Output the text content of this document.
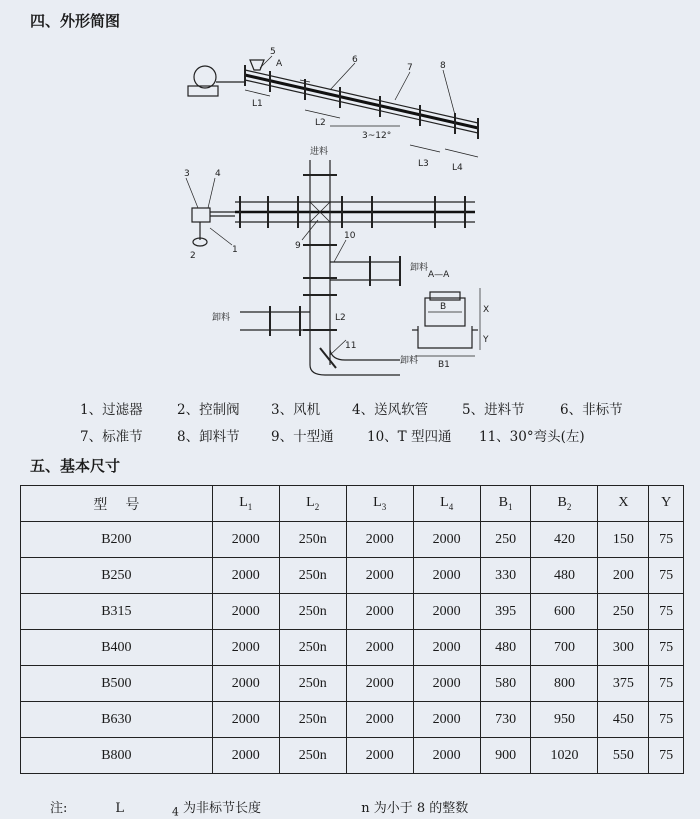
四、外形简图
5
6
7	8
L1
L2
L3	L4
A
3~12°
3	4
1
2
9
10
11
进料
卸料
卸料
卸料
L2
A—A
B
B1
X
Y
1、过滤器	2、控制阀 3、风机 4、送风软管	5、进料节	6、非标节
7、标准节	8、卸料节 9、十型通 10、T 型四通 11、30°弯头(左)
五、基本尺寸
型号	$L_1$	$L_2$	$L_3$	$L_4$	$B_1$	$B_2$	X	Y
B200	2000	250n	2000	2000	250	420	150	75
B250	2000	250n	2000	2000	330	480	200	75
B315	2000	250n	2000	2000	395	600	250	75
B400	2000	250n	2000	2000	480	700	300	75
B500	2000	250n	2000	2000	580	800	375	75
B630	2000	250n	2000	2000	730	950	450	75
B800	2000	250n	2000	2000	900	1020	550	75
注:	L	$_4$ 为非标节长度	n 为小于 8 的整数
